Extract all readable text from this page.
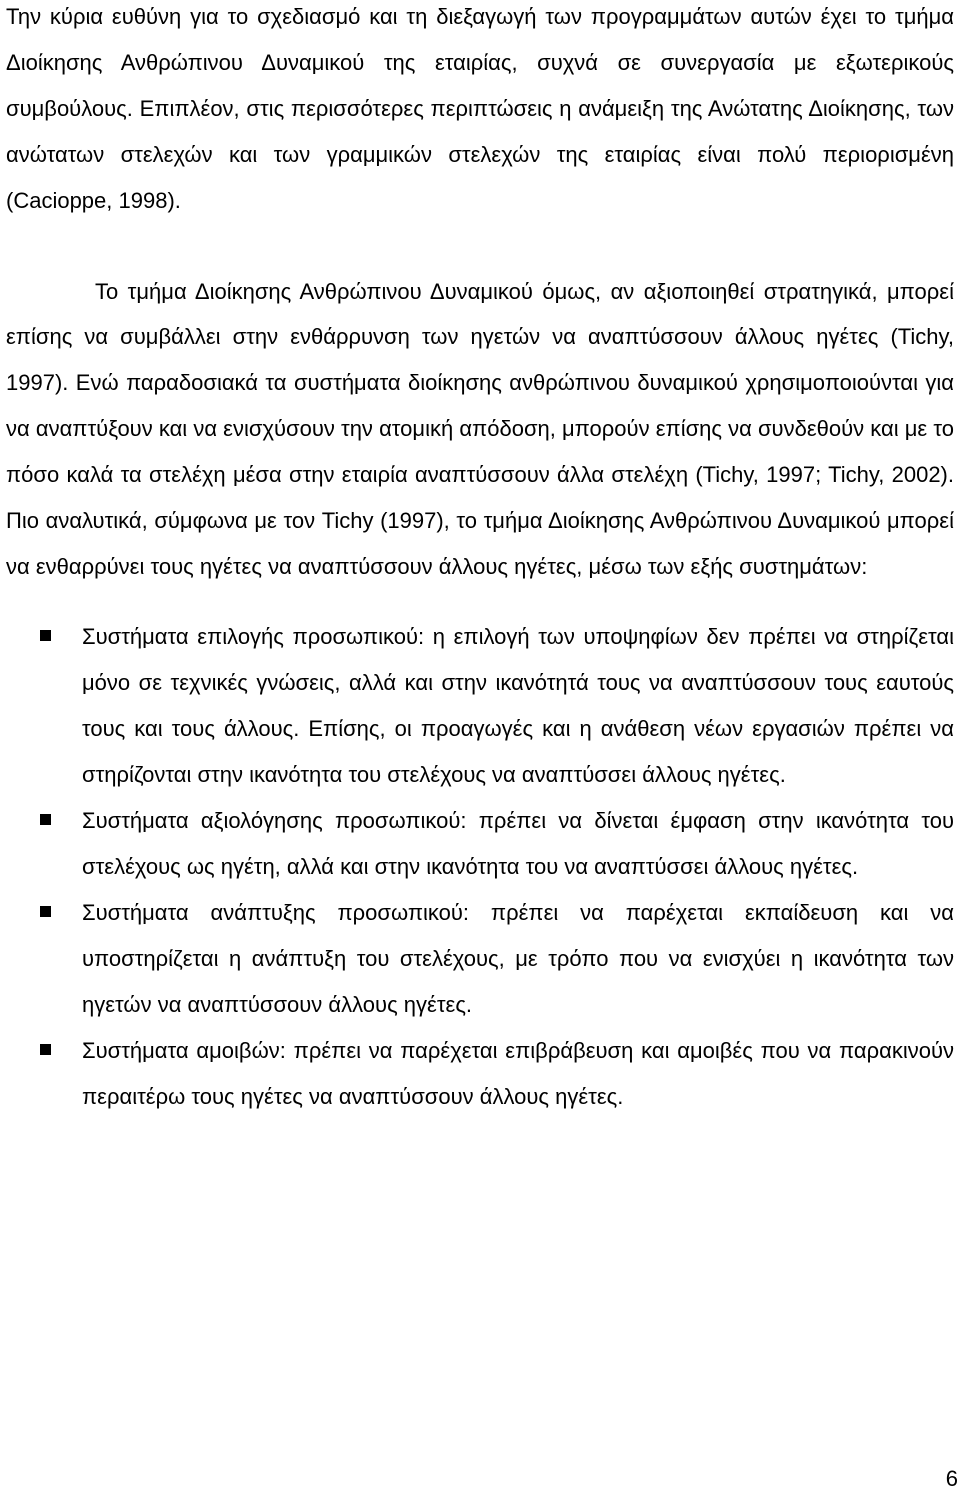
Την κύρια ευθύνη για το σχεδιασμό και τη διεξαγωγή των προγραμμάτων αυτών έχει το τμήμα Διοίκησης Ανθρώπινου Δυναμικού της εταιρίας, συχνά σε συνεργασία με εξωτερικούς συμβούλους. Επιπλέον, στις περισσότερες περιπτώσεις η ανάμειξη της Ανώτατης Διοίκησης, των ανώτατων στελεχών και των γραμμικών στελεχών της εταιρίας είναι πολύ περιορισμένη (Cacioppe, 1998).

Το τμήμα Διοίκησης Ανθρώπινου Δυναμικού όμως, αν αξιοποιηθεί στρατηγικά, μπορεί επίσης να συμβάλλει στην ενθάρρυνση των ηγετών να αναπτύσσουν άλλους ηγέτες (Tichy, 1997). Ενώ παραδοσιακά τα συστήματα διοίκησης ανθρώπινου δυναμικού χρησιμοποιούνται για να αναπτύξουν και να ενισχύσουν την ατομική απόδοση, μπορούν επίσης να συνδεθούν και με το πόσο καλά τα στελέχη μέσα στην εταιρία αναπτύσσουν άλλα στελέχη (Tichy, 1997; Tichy, 2002). Πιο αναλυτικά, σύμφωνα με τον Tichy (1997), το τμήμα Διοίκησης Ανθρώπινου Δυναμικού μπορεί να ενθαρρύνει τους ηγέτες να αναπτύσσουν άλλους ηγέτες, μέσω των εξής συστημάτων:

Συστήματα επιλογής προσωπικού: η επιλογή των υποψηφίων δεν πρέπει να στηρίζεται μόνο σε τεχνικές γνώσεις, αλλά και στην ικανότητά τους να αναπτύσσουν τους εαυτούς τους και τους άλλους. Επίσης, οι προαγωγές και η ανάθεση νέων εργασιών πρέπει να στηρίζονται στην ικανότητα του στελέχους να αναπτύσσει άλλους ηγέτες.
Συστήματα αξιολόγησης προσωπικού: πρέπει να δίνεται έμφαση στην ικανότητα του στελέχους ως ηγέτη, αλλά και στην ικανότητα του να αναπτύσσει άλλους ηγέτες.
Συστήματα ανάπτυξης προσωπικού: πρέπει να παρέχεται εκπαίδευση και να υποστηρίζεται η ανάπτυξη του στελέχους, με τρόπο που να ενισχύει η ικανότητα των ηγετών να αναπτύσσουν άλλους ηγέτες.
Συστήματα αμοιβών: πρέπει να παρέχεται επιβράβευση και αμοιβές που να παρακινούν περαιτέρω τους ηγέτες να αναπτύσσουν άλλους ηγέτες.
6
